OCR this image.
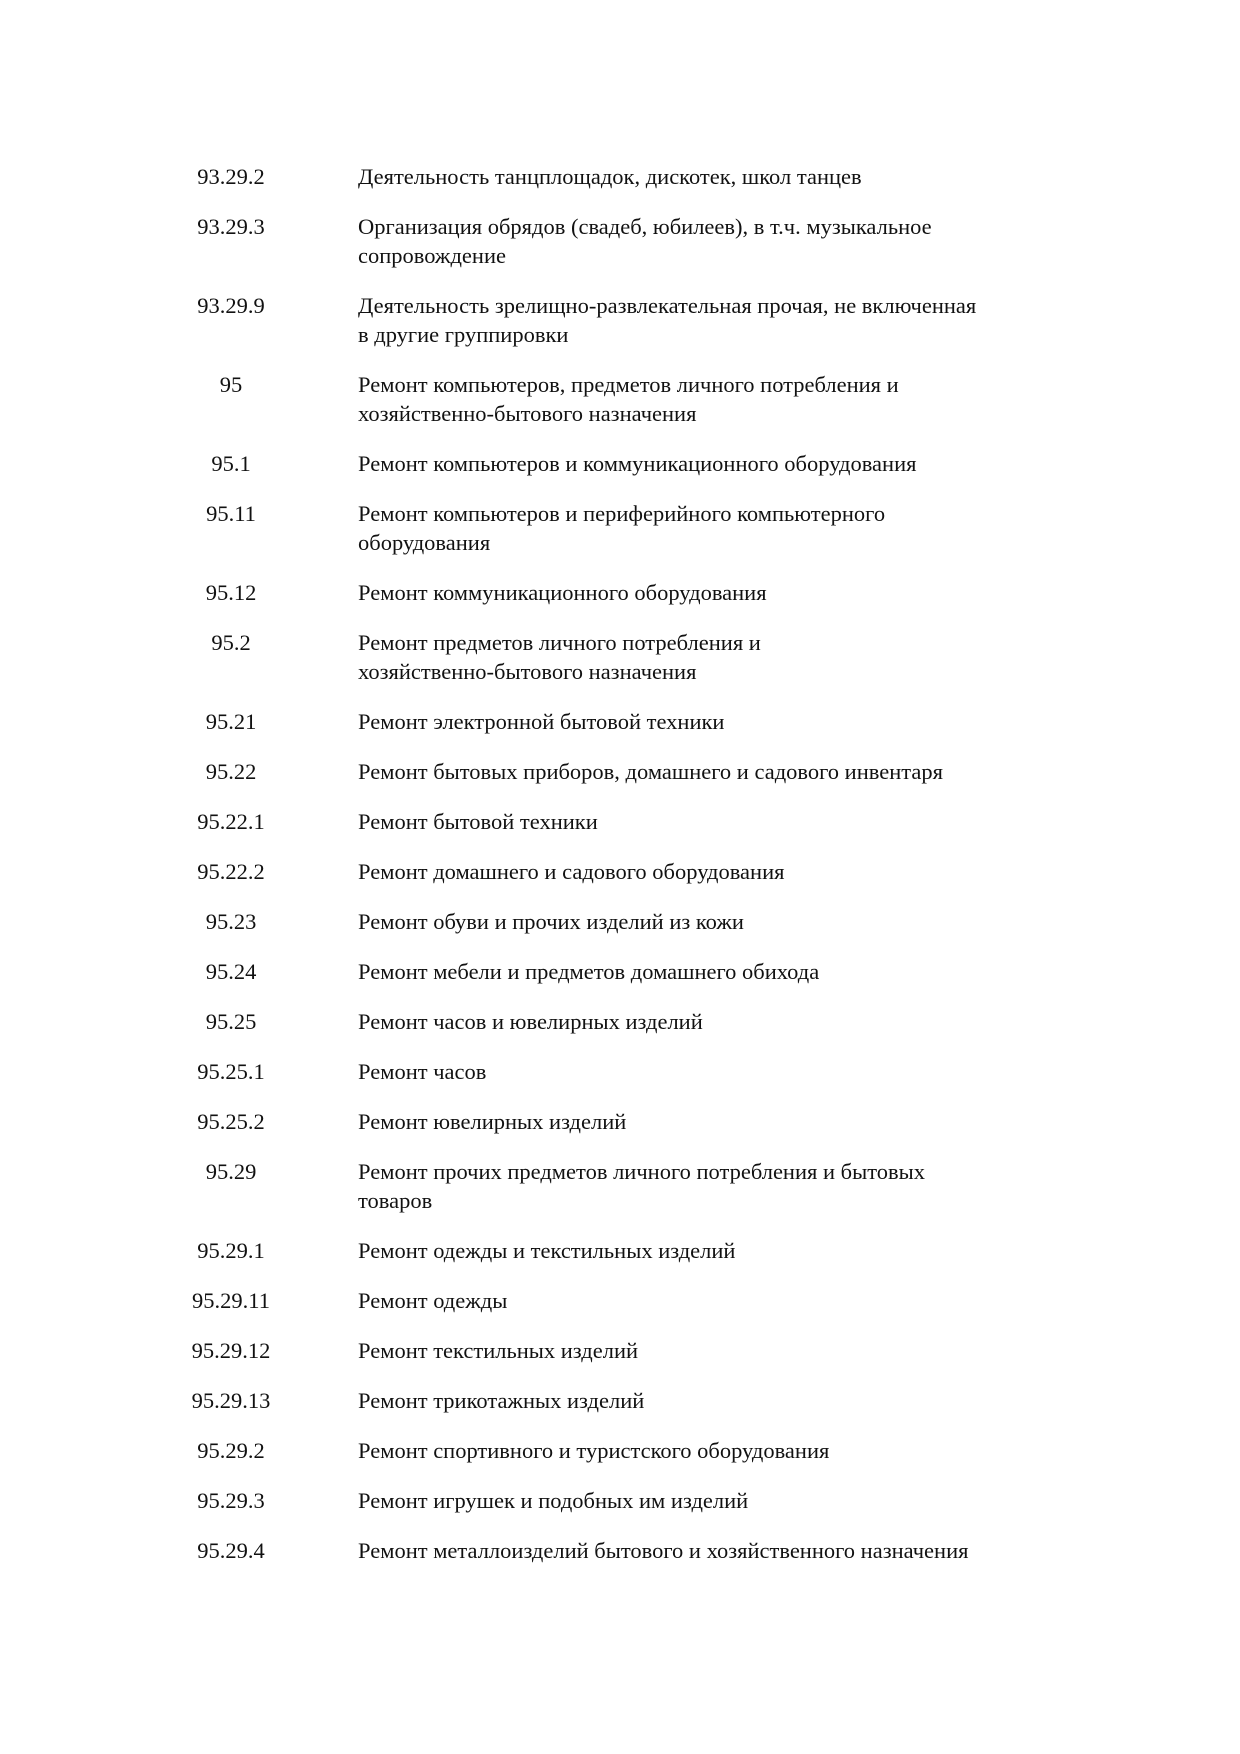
93.29.2	Деятельность танцплощадок, дискотек, школ танцев
93.29.3	Организация обрядов (свадеб, юбилеев), в т.ч. музыкальное
сопровождение
93.29.9	Деятельность зрелищно-развлекательная прочая, не включенная
в другие группировки
95	Ремонт компьютеров, предметов личного потребления и
хозяйственно-бытового назначения
95.1	Ремонт компьютеров и коммуникационного оборудования
95.11	Ремонт компьютеров и периферийного компьютерного
оборудования
95.12	Ремонт коммуникационного оборудования
95.2	Ремонт предметов личного потребления и
хозяйственно-бытового назначения
95.21	Ремонт электронной бытовой техники
95.22	Ремонт бытовых приборов, домашнего и садового инвентаря
95.22.1	Ремонт бытовой техники
95.22.2	Ремонт домашнего и садового оборудования
95.23	Ремонт обуви и прочих изделий из кожи
95.24	Ремонт мебели и предметов домашнего обихода
95.25	Ремонт часов и ювелирных изделий
95.25.1	Ремонт часов
95.25.2	Ремонт ювелирных изделий
95.29	Ремонт прочих предметов личного потребления и бытовых
товаров
95.29.1	Ремонт одежды и текстильных изделий
95.29.11	Ремонт одежды
95.29.12	Ремонт текстильных изделий
95.29.13	Ремонт трикотажных изделий
95.29.2	Ремонт спортивного и туристского оборудования
95.29.3	Ремонт игрушек и подобных им изделий
95.29.4	Ремонт металлоизделий бытового и хозяйственного назначения
